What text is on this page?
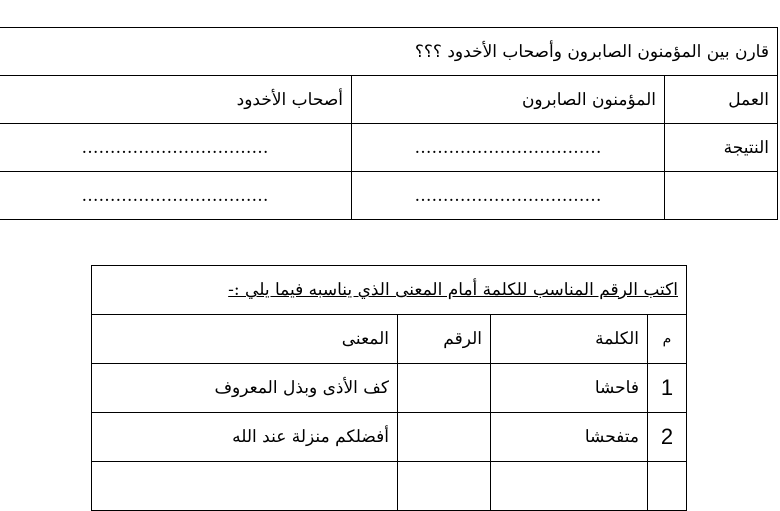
قارن بين المؤمنون الصابرون وأصحاب الأخدود ؟؟؟		
العمل	المؤمنون الصابرون	أصحاب الأخدود
النتيجة	……………………………	……………………………
	……………………………	……………………………
اكتب الرقم المناسب للكلمة أمام المعنى الذي يناسبه فيما يلي :-			
م	الكلمة	الرقم	المعنى
1	فاحشا		كف الأذى وبذل المعروف
2	متفحشا		أفضلكم منزلة عند الله
